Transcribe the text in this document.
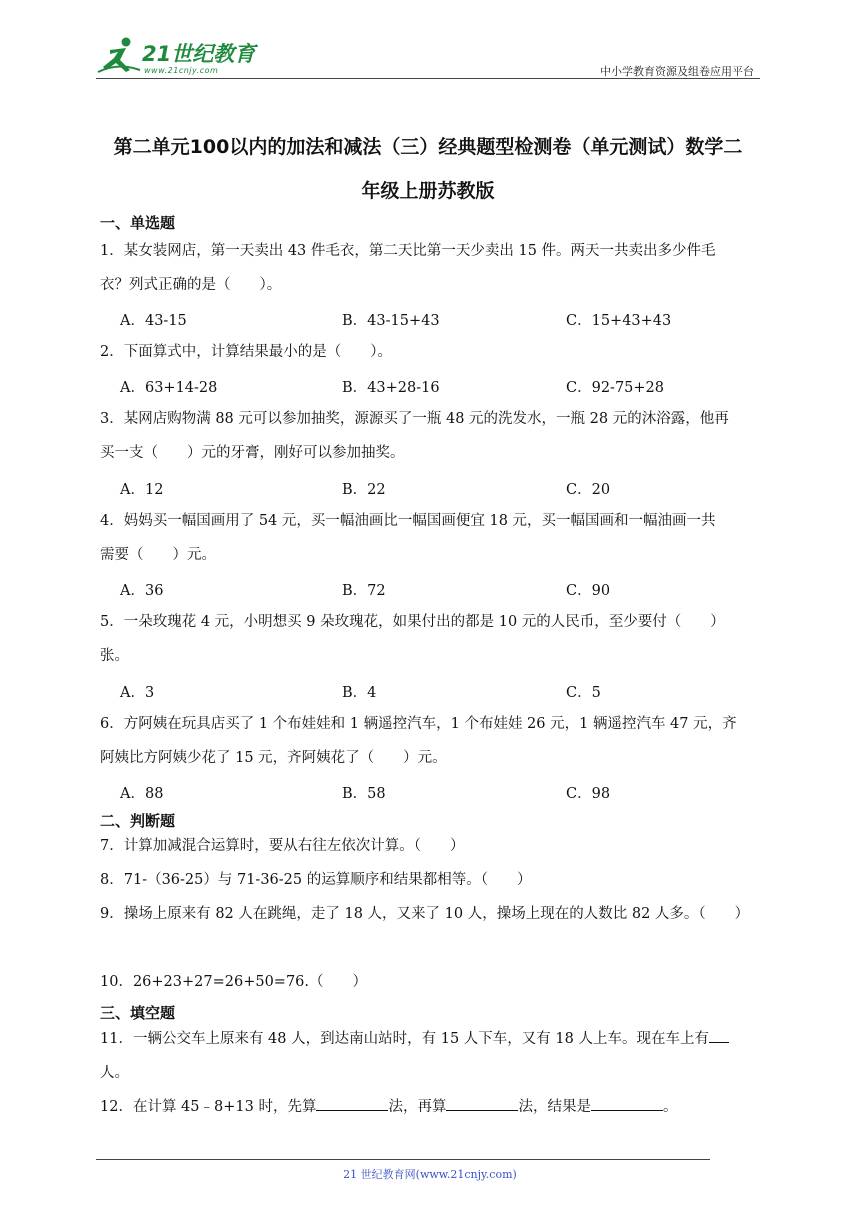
21世纪教育
www.21cnjy.com	中小学教育资源及组卷应用平台
第二单元100以内的加法和减法（三）经典题型检测卷（单元测试）数学二
年级上册苏教版
一、单选题
1．某女装网店，第一天卖出 43 件毛衣，第二天比第一天少卖出 15 件。两天一共卖出多少件毛
衣？列式正确的是（　　）。
A．43-15	B．43-15+43	C．15+43+43
2．下面算式中，计算结果最小的是（　　）。
A．63+14-28	B．43+28-16	C．92-75+28
3．某网店购物满 88 元可以参加抽奖，源源买了一瓶 48 元的洗发水，一瓶 28 元的沐浴露，他再
买一支（　　）元的牙膏，刚好可以参加抽奖。
A．12	B．22	C．20
4．妈妈买一幅国画用了 54 元，买一幅油画比一幅国画便宜 18 元，买一幅国画和一幅油画一共
需要（　　）元。
A．36	B．72	C．90
5．一朵玫瑰花 4 元，小明想买 9 朵玫瑰花，如果付出的都是 10 元的人民币，至少要付（　　）
张。
A．3	B．4	C．5
6．方阿姨在玩具店买了 1 个布娃娃和 1 辆遥控汽车，1 个布娃娃 26 元，1 辆遥控汽车 47 元，齐
阿姨比方阿姨少花了 15 元，齐阿姨花了（　　）元。
A．88	B．58	C．98
二、判断题
7．计算加减混合运算时，要从右往左依次计算。（　　）
8．71-（36-25）与 71-36-25 的运算顺序和结果都相等。（　　）
9．操场上原来有 82 人在跳绳，走了 18 人，又来了 10 人，操场上现在的人数比 82 人多。（　　）
10．26+23+27=26+50=76.（　　）
三、填空题
11．一辆公交车上原来有 48 人，到达南山站时，有 15 人下车，又有 18 人上车。现在车上有
人。
12．在计算 45﹣8+13 时，先算	法，再算	法，结果是	。
21 世纪教育网(www.21cnjy.com)
